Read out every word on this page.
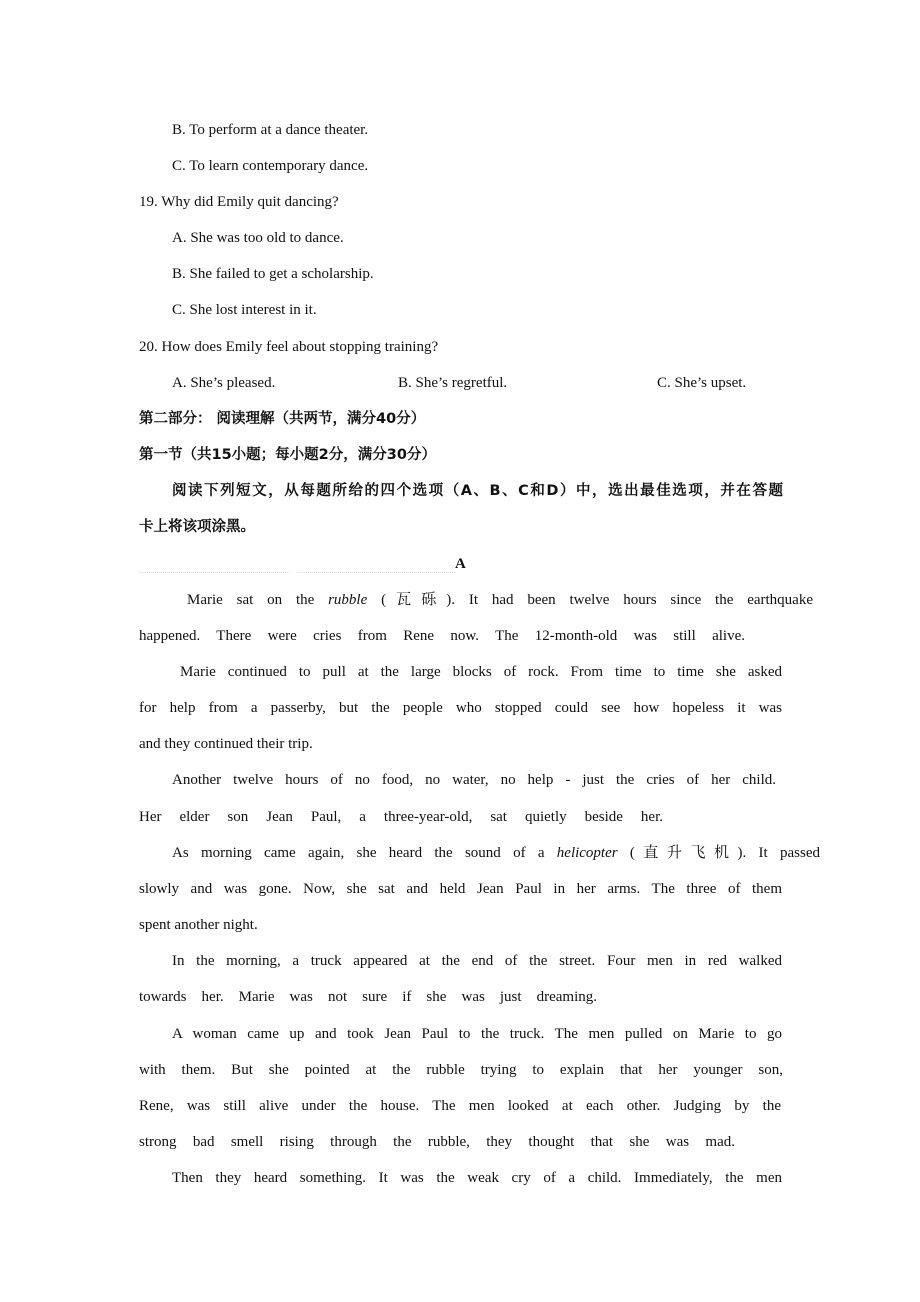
B. To perform at a dance theater.
C. To learn contemporary dance.
19. Why did Emily quit dancing?
A. She was too old to dance.
B. She failed to get a scholarship.
C. She lost interest in it.
20. How does Emily feel about stopping training?
A. She’s pleased.	B. She’s regretful.	C. She’s upset.
第二部分： 阅读理解（共两节，满分40分）
第一节（共15小题；每小题2分，满分30分）
阅读下列短文，从每题所给的四个选项（A、B、C和D）中，选出最佳选项，并在答题
卡上将该项涂黑。
A
Marie sat on the rubble (瓦砾). It had been twelve hours since the earthquake
happened. There were cries from Rene now. The 12-month-old was still alive.
Marie continued to pull at the large blocks of rock. From time to time she asked
for help from a passerby, but the people who stopped could see how hopeless it was
and they continued their trip.
Another twelve hours of no food, no water, no help - just the cries of her child.
Her elder son Jean Paul, a three-year-old, sat quietly beside her.
As morning came again, she heard the sound of a helicopter (直升飞机). It passed
slowly and was gone. Now, she sat and held Jean Paul in her arms. The three of them
spent another night.
In the morning, a truck appeared at the end of the street. Four men in red walked
towards her. Marie was not sure if she was just dreaming.
A woman came up and took Jean Paul to the truck. The men pulled on Marie to go
with them. But she pointed at the rubble trying to explain that her younger son,
Rene, was still alive under the house. The men looked at each other. Judging by the
strong bad smell rising through the rubble, they thought that she was mad.
Then they heard something. It was the weak cry of a child. Immediately, the men
